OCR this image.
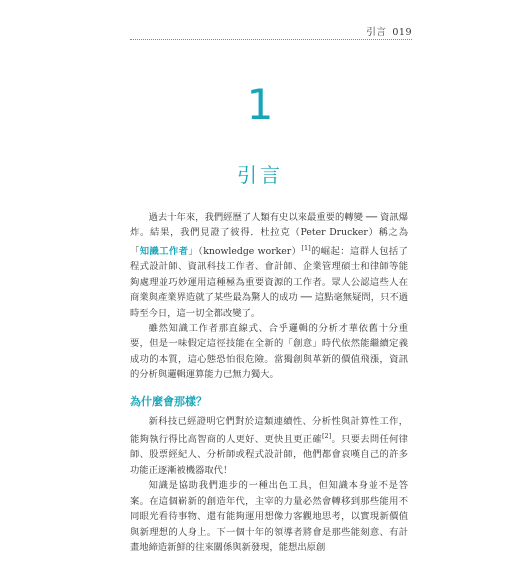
引言 019
1
引言

過去十年來，我們經歷了人類有史以來最重要的轉變 ── 資訊爆炸。結果，我們見證了彼得．杜拉克（Peter Drucker）稱之為「知識工作者」（knowledge worker）[1]的崛起：這群人包括了程式設計師、資訊科技工作者、會計師、企業管理碩士和律師等能夠處理並巧妙運用這種極為重要資源的工作者。眾人公認這些人在商業與產業界造就了某些最為驚人的成功 ── 這點毫無疑問，只不過時至今日，這一切全都改變了。

雖然知識工作者那直線式、合乎邏輯的分析才華依舊十分重要，但是一味假定這徑技能在全新的「創意」時代依然能繼續定義成功的本質，這心態恐怕很危險。當獨創與革新的價值飛漲，資訊的分析與邏輯運算能力已無力獨大。

為什麼會那樣？

新科技已經證明它們對於這類連續性、分析性與計算性工作，能夠執行得比高智商的人更好、更快且更正確[2]。只要去問任何律師、股票經紀人、分析師或程式設計師，他們都會哀嘆自己的許多功能正逐漸被機器取代！

知識是協助我們進步的一種出色工具，但知識本身並不是答案。在這個嶄新的創造年代，主宰的力量必然會轉移到那些能用不同眼光看待事物、還有能夠運用想像力客觀地思考，以實現新價值與新理想的人身上。下一個十年的領導者將會是那些能刻意、有計畫地締造新鮮的往來關係與新發現，能想出原創
